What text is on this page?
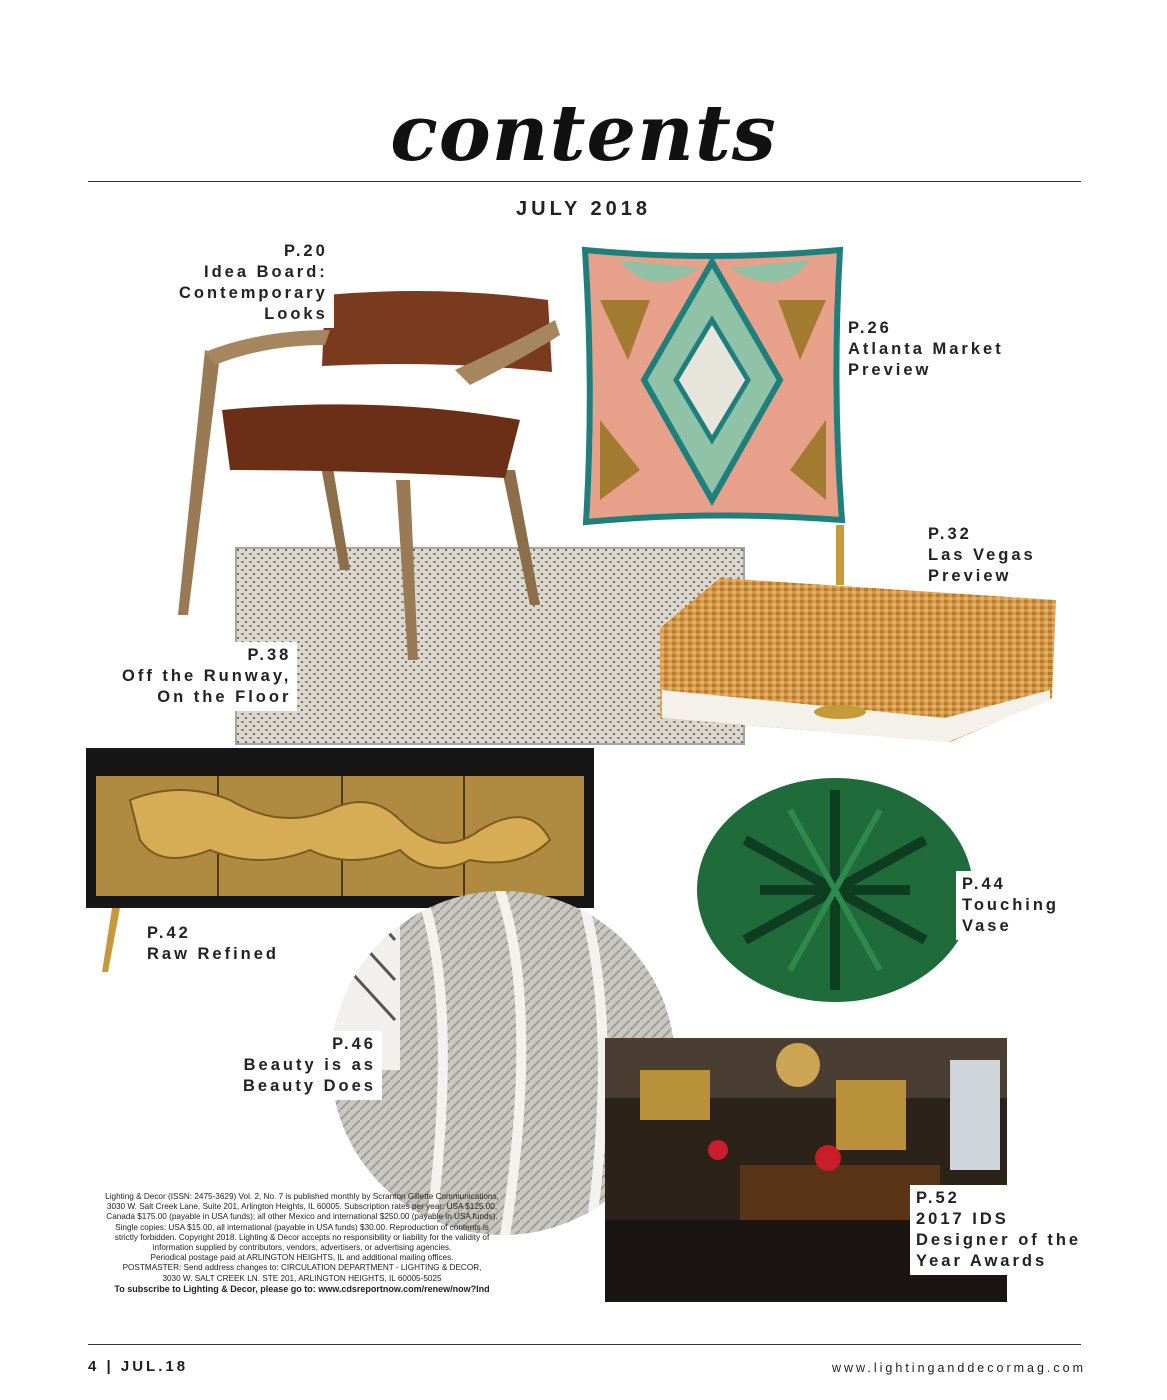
contents
JULY 2018
P.20
Idea Board:
Contemporary
Looks
P.26
Atlanta Market
Preview
P.32
Las Vegas
Preview
P.38
Off the Runway,
On the Floor
P.42
Raw Refined
P.44
Touching
Vase
P.46
Beauty is as
Beauty Does
P.52
2017 IDS
Designer of the
Year Awards
Lighting & Decor (ISSN: 2475-3629) Vol. 2, No. 7 is published monthly by Scranton Gillette Communications,
3030 W. Salt Creek Lane, Suite 201, Arlington Heights, IL 60005. Subscription rates per year: USA $125.00,
Canada $175.00 (payable in USA funds); all other Mexico and international $250.00 (payable in USA funds).
Single copies: USA $15.00, all international (payable in USA funds) $30.00. Reproduction of contents is
strictly forbidden. Copyright 2018. Lighting & Decor accepts no responsibility or liability for the validity of
information supplied by contributors, vendors, advertisers, or advertising agencies.
Periodical postage paid at ARLINGTON HEIGHTS, IL and additional mailing offices.
POSTMASTER: Send address changes to: CIRCULATION DEPARTMENT - LIGHTING & DECOR,
3030 W. SALT CREEK LN. STE 201, ARLINGTON HEIGHTS, IL 60005-5025
To subscribe to Lighting & Decor, please go to: www.cdsreportnow.com/renew/now?lnd
4 | JUL.18	www.lightinganddecormag.com
